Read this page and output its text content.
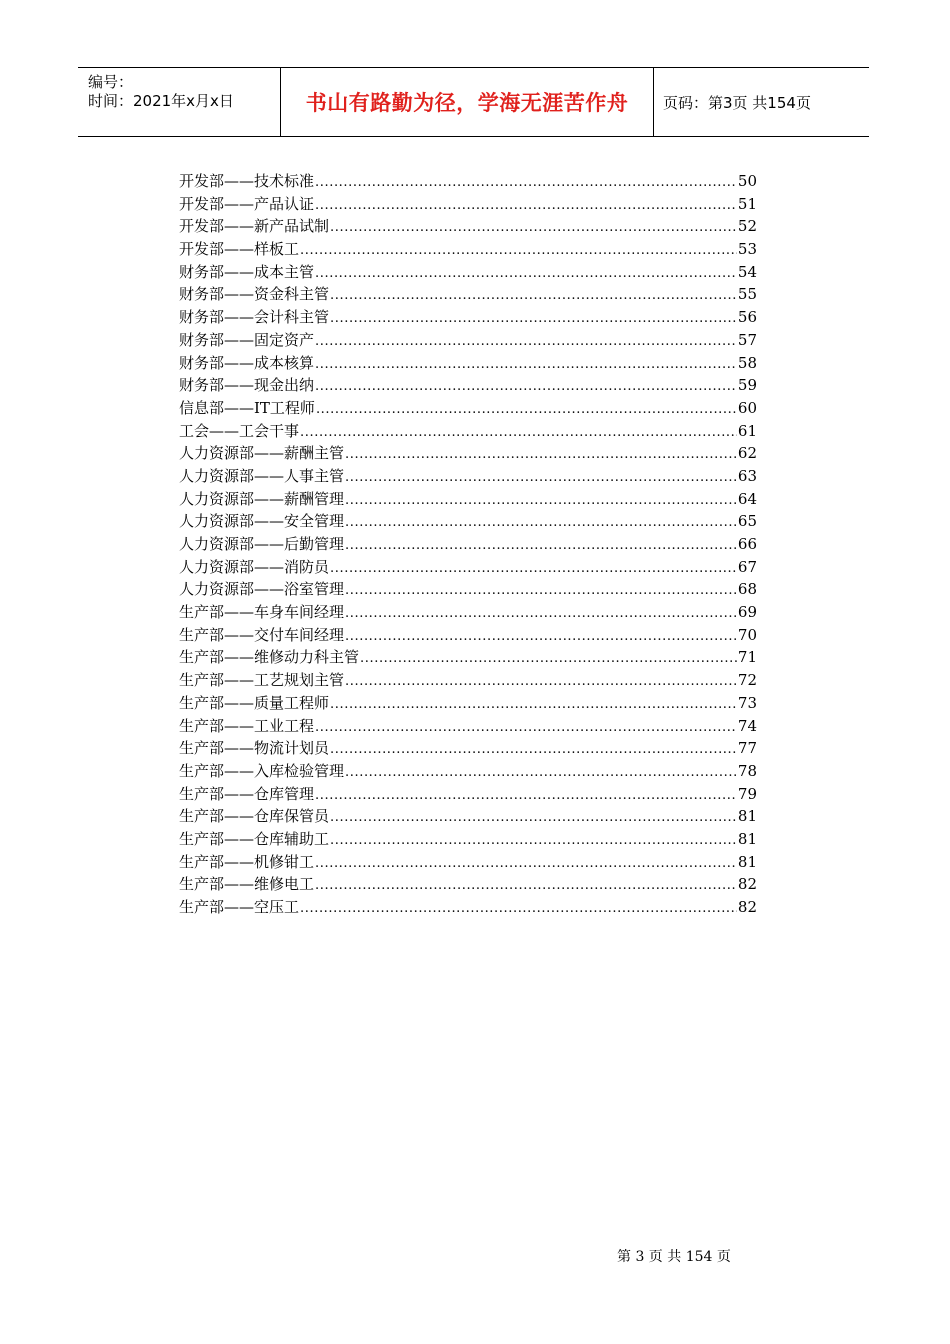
编号：
时间：2021年x月x日	书山有路勤为径，学海无涯苦作舟 页码：第3页 共154页
开发部——技术标准 .....	50
开发部——产品认证 .....	51
开发部——新产品试制 .....	52
开发部——样板工 .....	53
财务部——成本主管 .....	54
财务部——资金科主管 .....	55
财务部——会计科主管 .....	56
财务部——固定资产 .....	57
财务部——成本核算 .....	58
财务部——现金出纳 .....	59
信息部——IT工程师 .....	60
工会——工会干事 .....	61
人力资源部——薪酬主管 .....	62
人力资源部——人事主管 .....	63
人力资源部——薪酬管理 .....	64
人力资源部——安全管理 .....	65
人力资源部——后勤管理 .....	66
人力资源部——消防员 .....	67
人力资源部——浴室管理 .....	68
生产部——车身车间经理 .....	69
生产部——交付车间经理 .....	70
生产部——维修动力科主管 .....	71
生产部——工艺规划主管 .....	72
生产部——质量工程师 .....	73
生产部——工业工程 .....	74
生产部——物流计划员 .....	77
生产部——入库检验管理 .....	78
生产部——仓库管理 .....	79
生产部——仓库保管员 .....	81
生产部——仓库辅助工 .....	81
生产部——机修钳工 .....	81
生产部——维修电工 .....	82
生产部——空压工 .....	82
第 3 页 共 154 页
